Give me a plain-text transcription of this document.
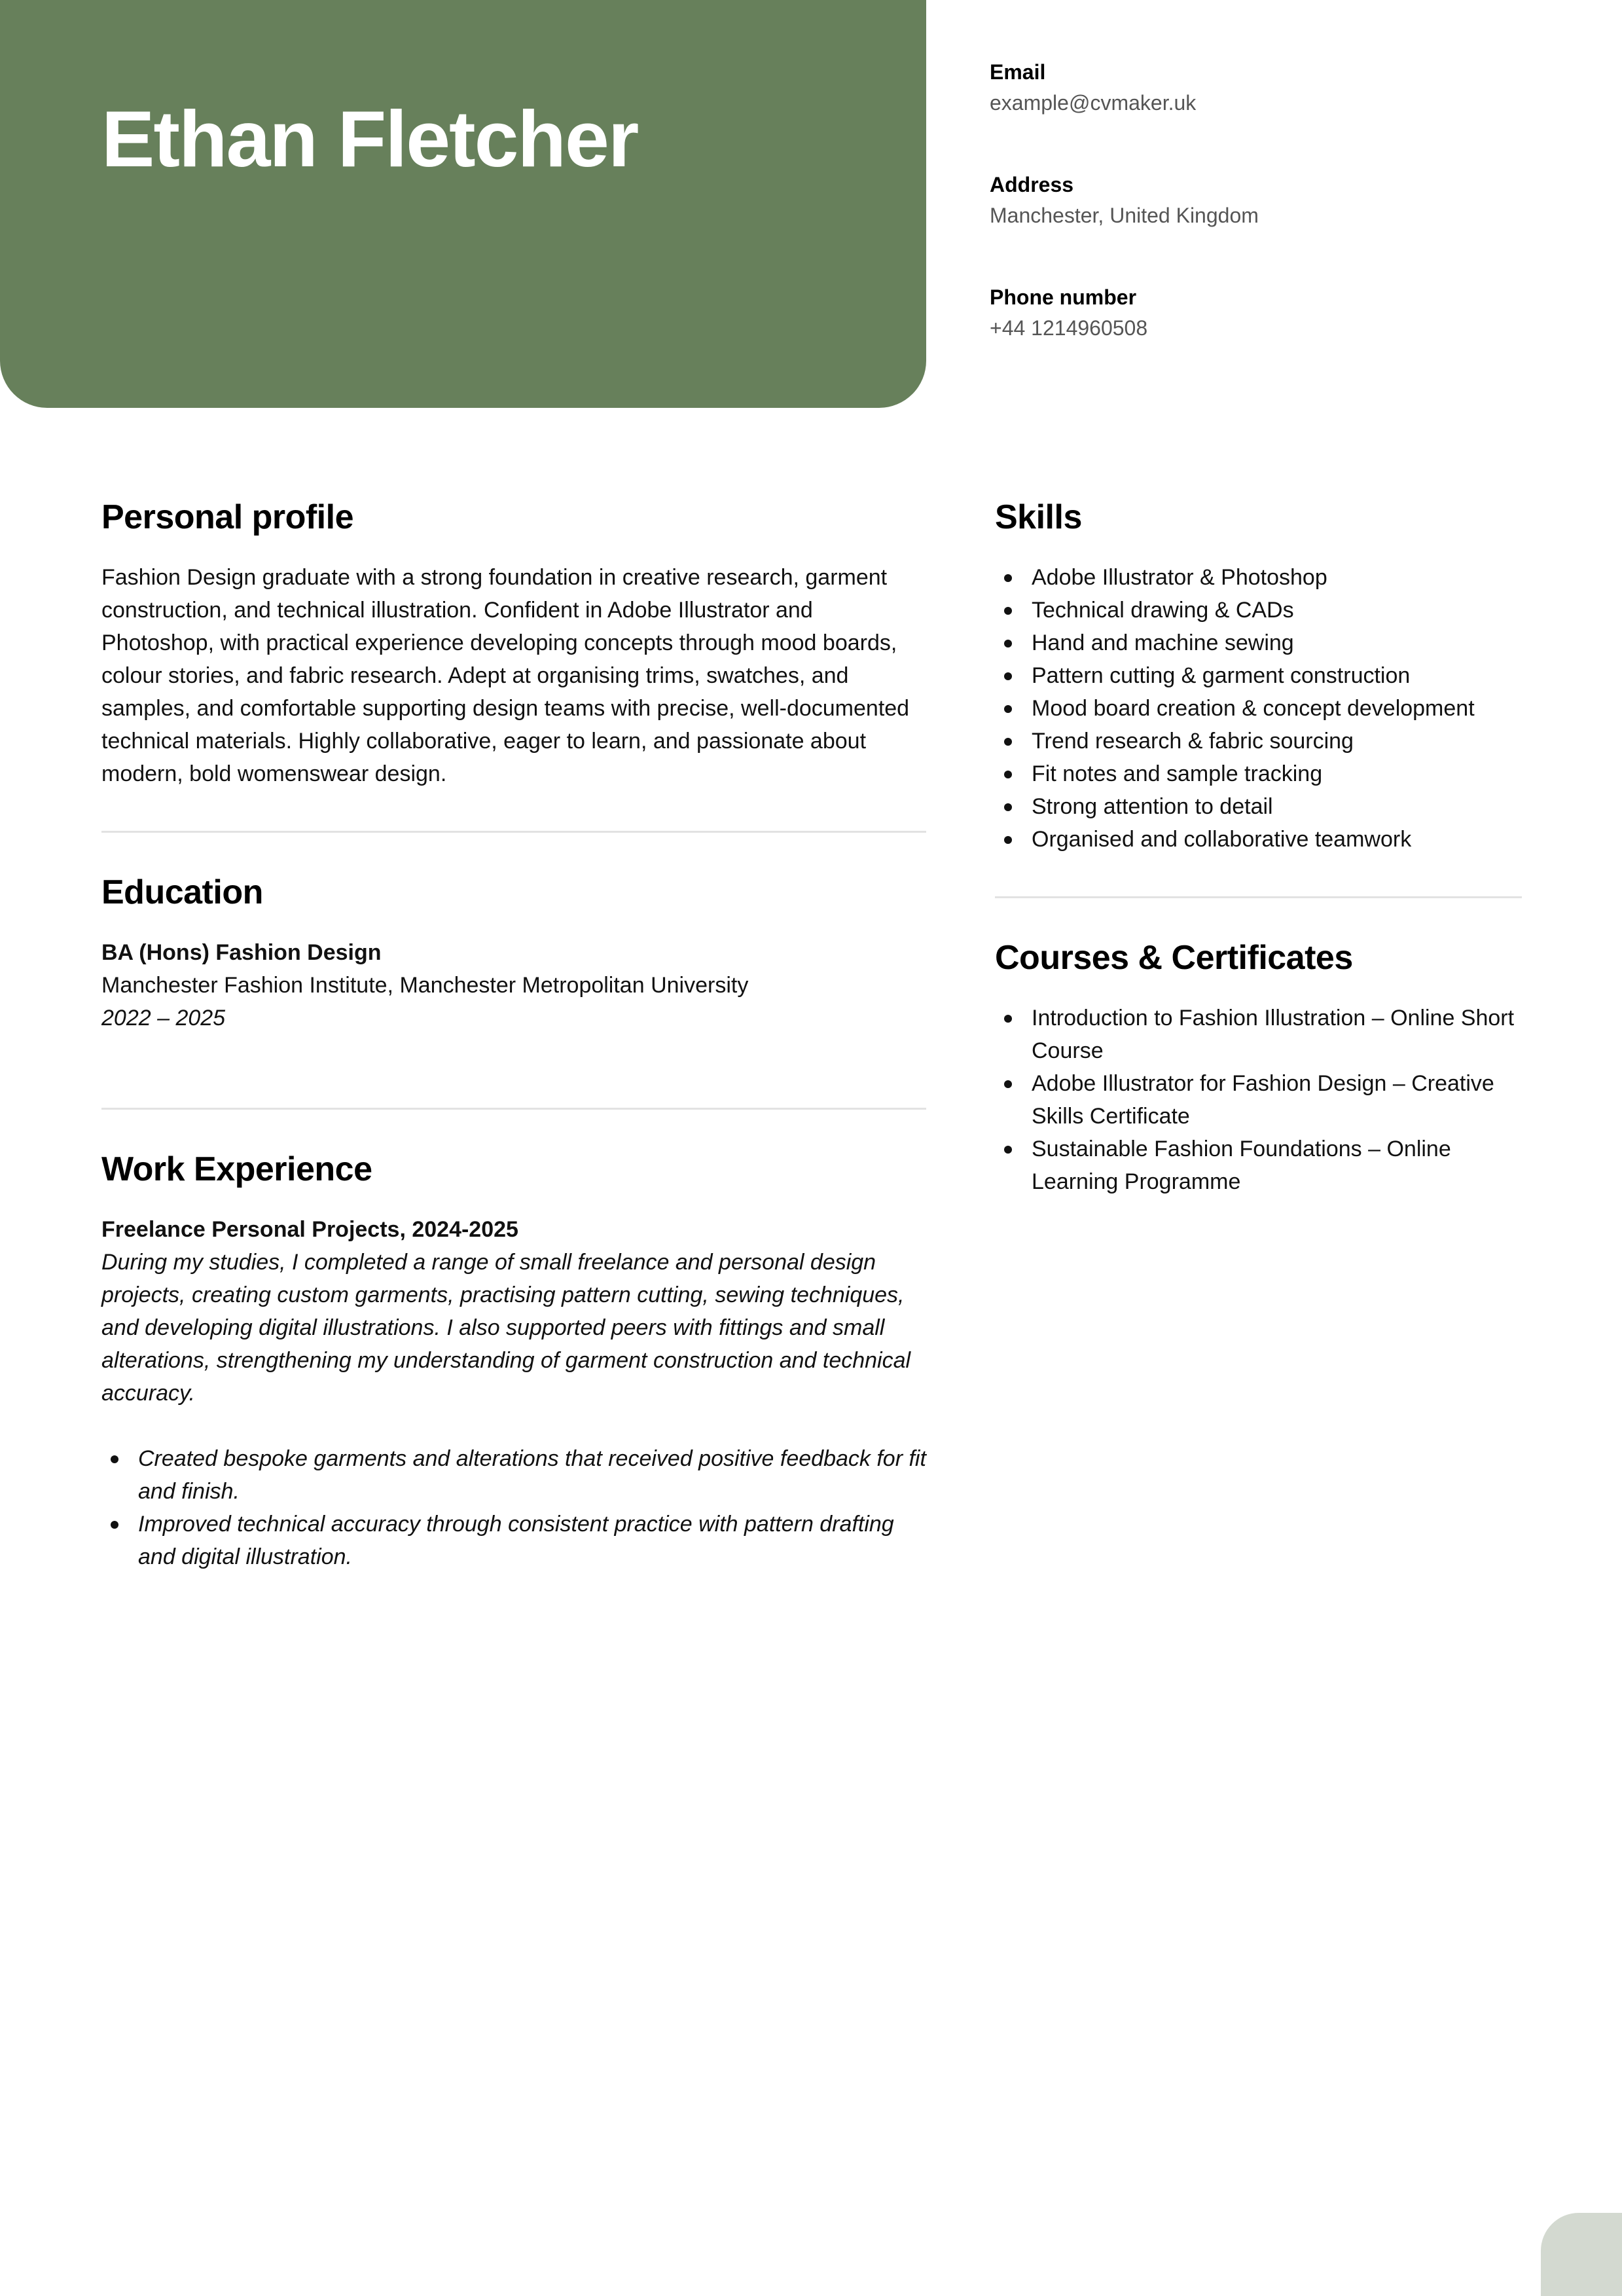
Ethan Fletcher
Email
example@cvmaker.uk
Address
Manchester, United Kingdom
Phone number
+44 1214960508
Personal profile

Fashion Design graduate with a strong foundation in creative research, garment construction, and technical illustration. Confident in Adobe Illustrator and Photoshop, with practical experience developing concepts through mood boards, colour stories, and fabric research. Adept at organising trims, swatches, and samples, and comfortable supporting design teams with precise, well-documented technical materials. Highly collaborative, eager to learn, and passionate about modern, bold womenswear design.

Education
BA (Hons) Fashion Design
Manchester Fashion Institute, Manchester Metropolitan University
2022 – 2025
Work Experience
Freelance Personal Projects, 2024-2025

During my studies, I completed a range of small freelance and personal design projects, creating custom garments, practising pattern cutting, sewing techniques, and developing digital illustrations. I also supported peers with fittings and small alterations, strengthening my understanding of garment construction and technical accuracy.

Created bespoke garments and alterations that received positive feedback for fit and finish.
Improved technical accuracy through consistent practice with pattern drafting and digital illustration.
Skills
Adobe Illustrator & Photoshop
Technical drawing & CADs
Hand and machine sewing
Pattern cutting & garment construction
Mood board creation & concept development
Trend research & fabric sourcing
Fit notes and sample tracking
Strong attention to detail
Organised and collaborative teamwork
Courses & Certificates
Introduction to Fashion Illustration – Online Short Course
Adobe Illustrator for Fashion Design – Creative Skills Certificate
Sustainable Fashion Foundations – Online Learning Programme
